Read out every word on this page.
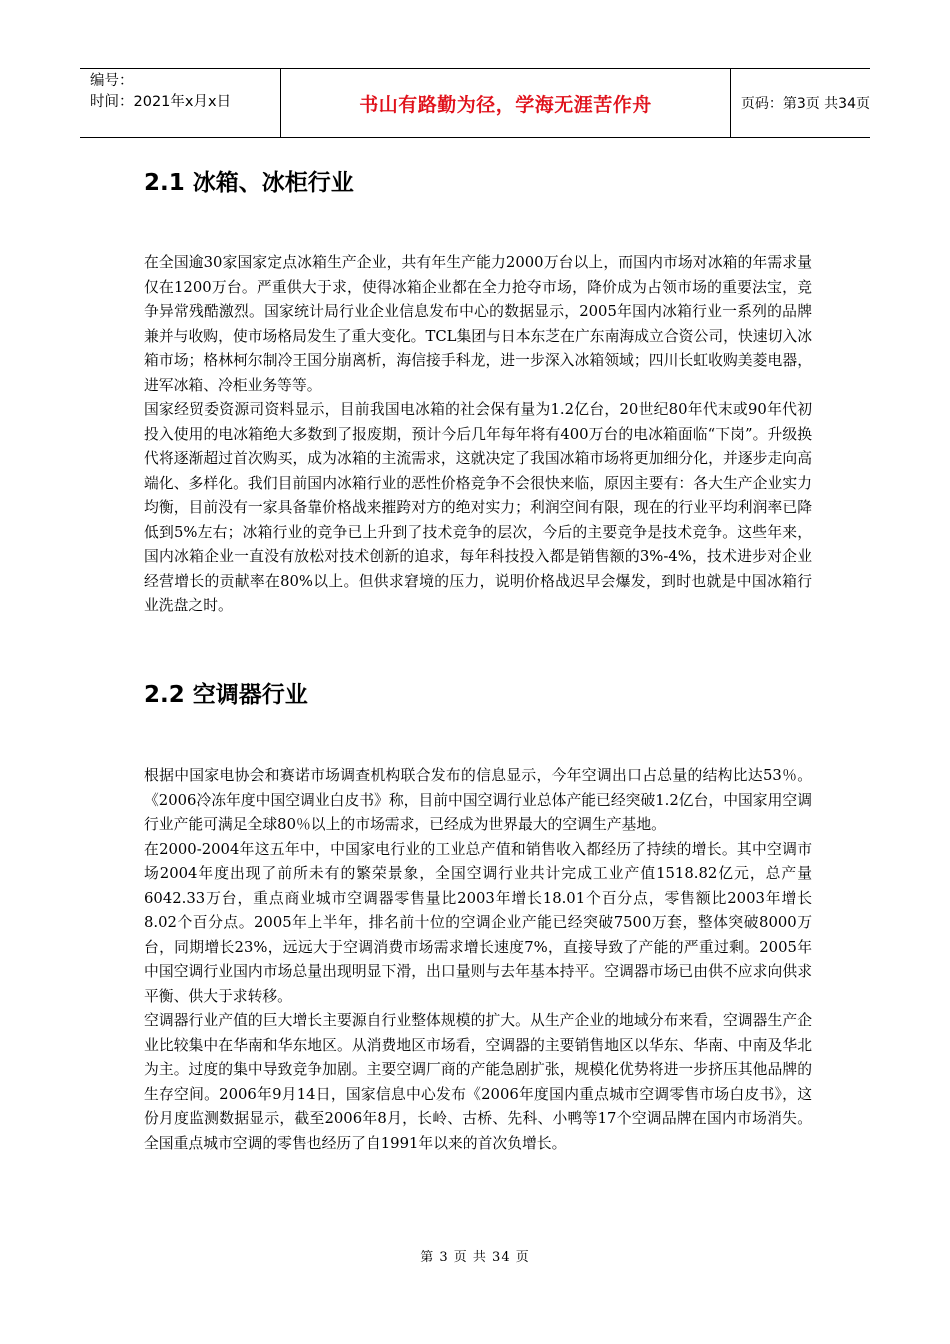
编号：
时间：2021年x月x日	书山有路勤为径，学海无涯苦作舟	页码：第3页 共34页
2.1 冰箱、冰柜行业

在全国逾30家国家定点冰箱生产企业，共有年生产能力2000万台以上，而国内市场对冰箱的年需求量仅在1200万台。严重供大于求，使得冰箱企业都在全力抢夺市场，降价成为占领市场的重要法宝，竞争异常残酷激烈。国家统计局行业企业信息发布中心的数据显示，2005年国内冰箱行业一系列的品牌兼并与收购，使市场格局发生了重大变化。TCL集团与日本东芝在广东南海成立合资公司，快速切入冰箱市场；格林柯尔制冷王国分崩离析，海信接手科龙，进一步深入冰箱领域；四川长虹收购美菱电器，进军冰箱、冷柜业务等等。

国家经贸委资源司资料显示，目前我国电冰箱的社会保有量为1.2亿台，20世纪80年代末或90年代初投入使用的电冰箱绝大多数到了报废期，预计今后几年每年将有400万台的电冰箱面临“下岗”。升级换代将逐渐超过首次购买，成为冰箱的主流需求，这就决定了我国冰箱市场将更加细分化，并逐步走向高端化、多样化。我们目前国内冰箱行业的恶性价格竞争不会很快来临，原因主要有：各大生产企业实力均衡，目前没有一家具备靠价格战来摧跨对方的绝对实力；利润空间有限，现在的行业平均利润率已降低到5%左右；冰箱行业的竞争已上升到了技术竞争的层次，今后的主要竞争是技术竞争。这些年来，国内冰箱企业一直没有放松对技术创新的追求，每年科技投入都是销售额的3%-4%，技术进步对企业经营增长的贡献率在80%以上。但供求窘境的压力，说明价格战迟早会爆发，到时也就是中国冰箱行业洗盘之时。

2.2 空调器行业

根据中国家电协会和赛诺市场调查机构联合发布的信息显示，今年空调出口占总量的结构比达53％。《2006冷冻年度中国空调业白皮书》称，目前中国空调行业总体产能已经突破1.2亿台，中国家用空调行业产能可满足全球80％以上的市场需求，已经成为世界最大的空调生产基地。

在2000-2004年这五年中，中国家电行业的工业总产值和销售收入都经历了持续的增长。其中空调市场2004年度出现了前所未有的繁荣景象，全国空调行业共计完成工业产值1518.82亿元，总产量6042.33万台，重点商业城市空调器零售量比2003年增长18.01个百分点，零售额比2003年增长8.02个百分点。2005年上半年，排名前十位的空调企业产能已经突破7500万套，整体突破8000万台，同期增长23%，远远大于空调消费市场需求增长速度7%，直接导致了产能的严重过剩。2005年中国空调行业国内市场总量出现明显下滑，出口量则与去年基本持平。空调器市场已由供不应求向供求平衡、供大于求转移。

空调器行业产值的巨大增长主要源自行业整体规模的扩大。从生产企业的地域分布来看，空调器生产企业比较集中在华南和华东地区。从消费地区市场看，空调器的主要销售地区以华东、华南、中南及华北为主。过度的集中导致竞争加剧。主要空调厂商的产能急剧扩张，规模化优势将进一步挤压其他品牌的生存空间。2006年9月14日，国家信息中心发布《2006年度国内重点城市空调零售市场白皮书》，这份月度监测数据显示，截至2006年8月，长岭、古桥、先科、小鸭等17个空调品牌在国内市场消失。全国重点城市空调的零售也经历了自1991年以来的首次负增长。

第 3 页 共 34 页
